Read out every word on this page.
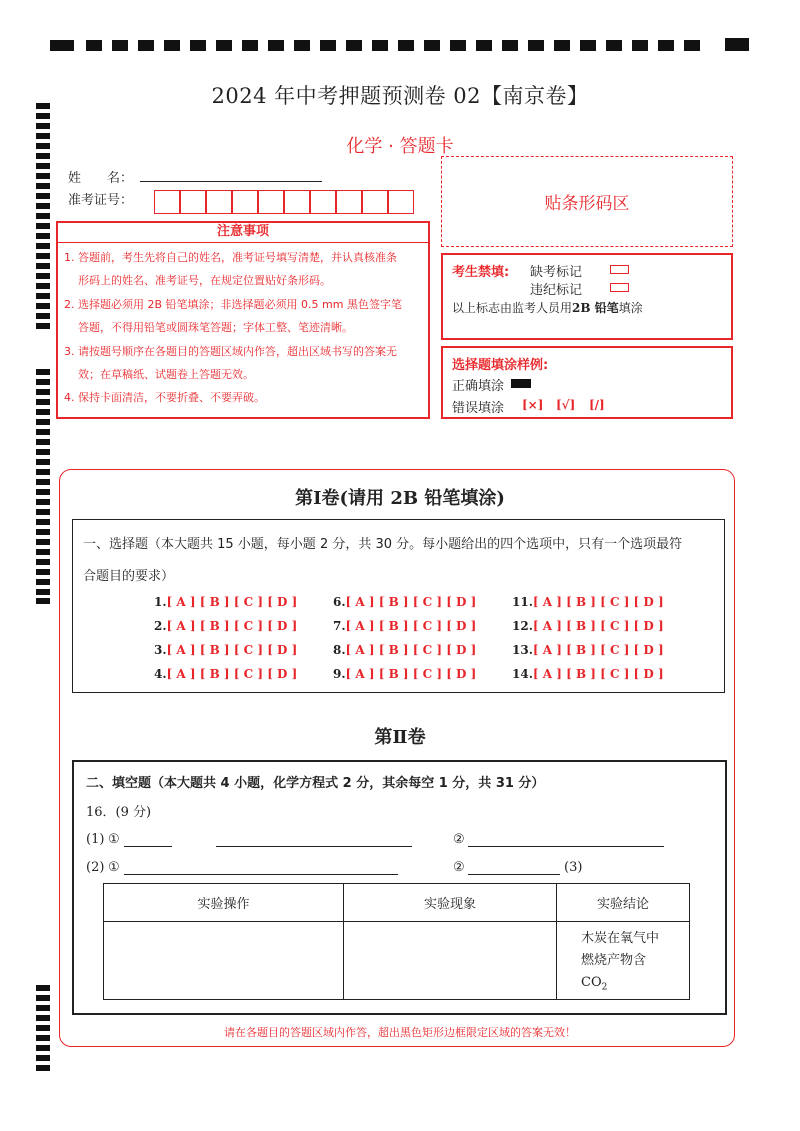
2024 年中考押题预测卷 02【南京卷】
化学 · 答题卡
姓　　名：
准考证号：	贴条形码区
注意事项
1. 答题前，考生先将自己的姓名，准考证号填写清楚，并认真核准条
形码上的姓名、准考证号，在规定位置贴好条形码。
2. 选择题必须用 2B 铅笔填涂；非选择题必须用 0.5 mm 黑色签字笔
答题，不得用铅笔或圆珠笔答题；字体工整、笔迹清晰。
3. 请按题号顺序在各题目的答题区域内作答，超出区域书写的答案无
效；在草稿纸、试题卷上答题无效。
4. 保持卡面清洁，不要折叠、不要弄破。
考生禁填: 缺考标记
违纪标记
以上标志由监考人员用2B 铅笔填涂
选择题填涂样例:
正确填涂
错误填涂 [×] [√] [/]
第Ⅰ卷(请用 2B 铅笔填涂)
一、选择题（本大题共 15 小题，每小题 2 分，共 30 分。每小题给出的四个选项中，只有一个选项最符
合题目的要求）
1.[ A ] [ B ] [ C ] [ D ]	6.[ A ] [ B ] [ C ] [ D ]	11.[ A ] [ B ] [ C ] [ D ]
2.[ A ] [ B ] [ C ] [ D ]	7.[ A ] [ B ] [ C ] [ D ]	12.[ A ] [ B ] [ C ] [ D ]
3.[ A ] [ B ] [ C ] [ D ]	8.[ A ] [ B ] [ C ] [ D ]	13.[ A ] [ B ] [ C ] [ D ]
4.[ A ] [ B ] [ C ] [ D ]	9.[ A ] [ B ] [ C ] [ D ]	14.[ A ] [ B ] [ C ] [ D ]
第Ⅱ卷
二、填空题（本大题共 4 小题，化学方程式 2 分，其余每空 1 分，共 31 分）
16．(9 分)
(1) ①	②
(2) ①	②	(3)
实验操作	实验现象	实验结论

		木炭在氧气中
燃烧产物含
$CO_2$
请在各题目的答题区域内作答，超出黑色矩形边框限定区域的答案无效！
